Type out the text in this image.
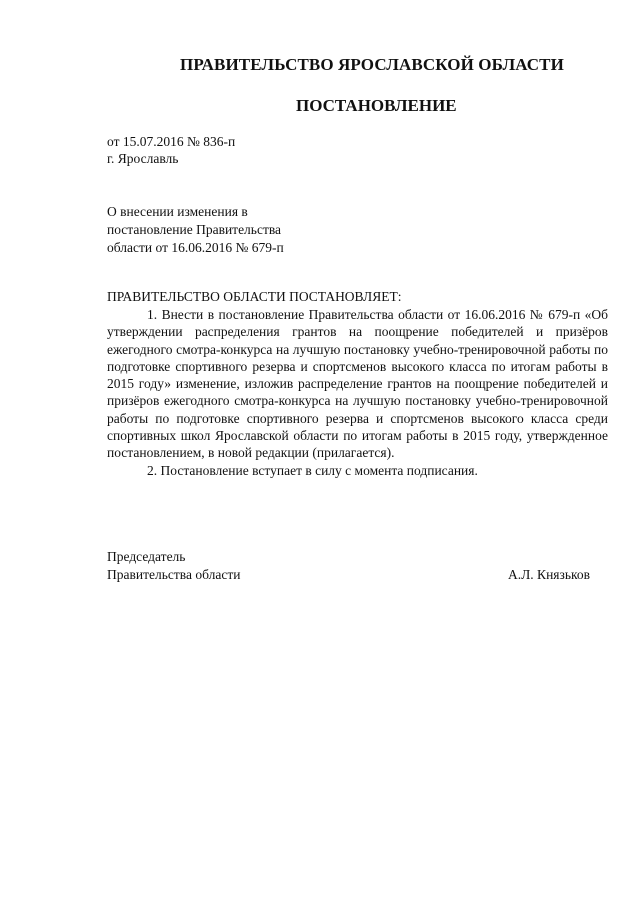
ПРАВИТЕЛЬСТВО ЯРОСЛАВСКОЙ ОБЛАСТИ
ПОСТАНОВЛЕНИЕ
от 15.07.2016 № 836-п
г. Ярославль
О внесении изменения в
постановление Правительства
области от 16.06.2016 № 679-п
ПРАВИТЕЛЬСТВО ОБЛАСТИ ПОСТАНОВЛЯЕТ:

1. Внести в постановление Правительства области от 16.06.2016 № 679-п «Об утверждении распределения грантов на поощрение победителей и призёров ежегодного смотра-конкурса на лучшую постановку учебно-тренировочной работы по подготовке спортивного резерва и спортсменов высокого класса по итогам работы в 2015 году» изменение, изложив распределение грантов на поощрение победителей и призёров ежегодного смотра-конкурса на лучшую постановку учебно-тренировочной работы по подготовке спортивного резерва и спортсменов высокого класса среди спортивных школ Ярославской области по итогам работы в 2015 году, утвержденное постановлением, в новой редакции (прилагается).

2. Постановление вступает в силу с момента подписания.

Председатель
Правительства области	А.Л. Князьков
